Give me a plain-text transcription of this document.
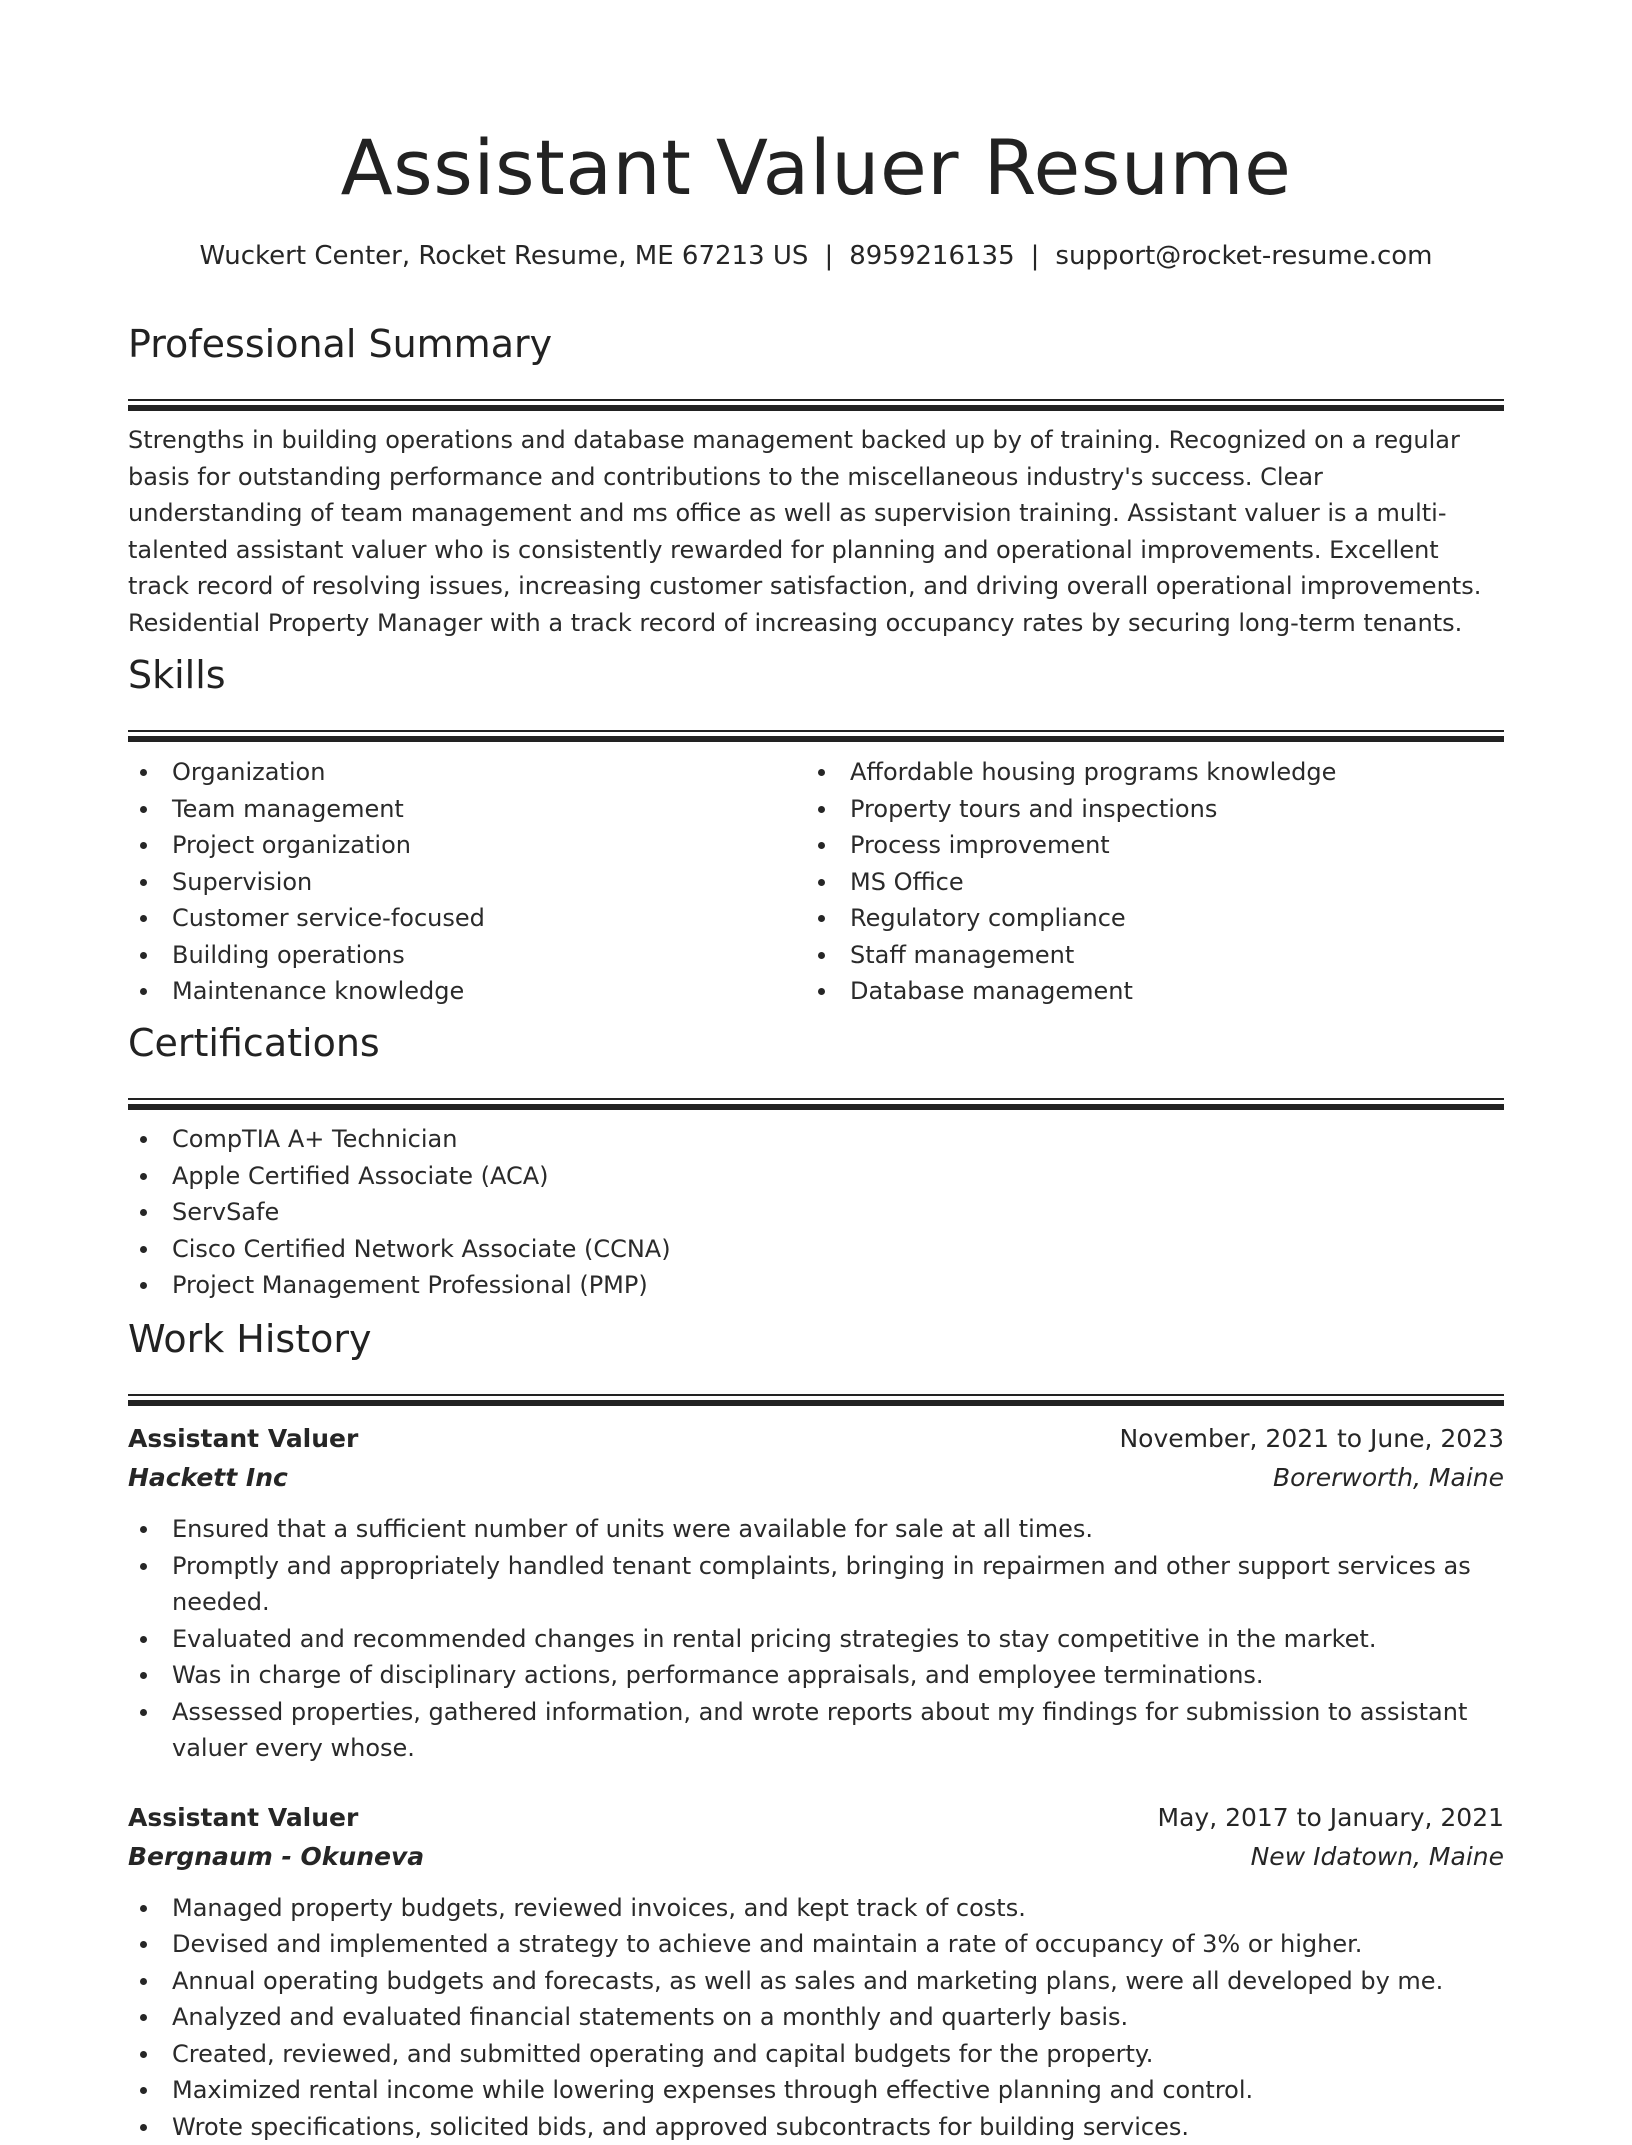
Assistant Valuer Resume
Wuckert Center, Rocket Resume, ME 67213 US | 8959216135 | support@rocket-resume.com
Professional Summary

Strengths in building operations and database management backed up by of training. Recognized on a regular basis for outstanding performance and contributions to the miscellaneous industry's success. Clear understanding of team management and ms office as well as supervision training. Assistant valuer is a multi-talented assistant valuer who is consistently rewarded for planning and operational improvements. Excellent track record of resolving issues, increasing customer satisfaction, and driving overall operational improvements. Residential Property Manager with a track record of increasing occupancy rates by securing long-term tenants.

Skills
Organization
Team management
Project organization
Supervision
Customer service-focused
Building operations
Maintenance knowledge
Affordable housing programs knowledge
Property tours and inspections
Process improvement
MS Office
Regulatory compliance
Staff management
Database management
Certifications
CompTIA A+ Technician
Apple Certified Associate (ACA)
ServSafe
Cisco Certified Network Associate (CCNA)
Project Management Professional (PMP)
Work History
Assistant Valuer	November, 2021 to June, 2023
Hackett Inc	Borerworth, Maine
Ensured that a sufficient number of units were available for sale at all times.
Promptly and appropriately handled tenant complaints, bringing in repairmen and other support services as needed.
Evaluated and recommended changes in rental pricing strategies to stay competitive in the market.
Was in charge of disciplinary actions, performance appraisals, and employee terminations.
Assessed properties, gathered information, and wrote reports about my findings for submission to assistant valuer every whose.
Assistant Valuer	May, 2017 to January, 2021
Bergnaum - Okuneva	New Idatown, Maine
Managed property budgets, reviewed invoices, and kept track of costs.
Devised and implemented a strategy to achieve and maintain a rate of occupancy of 3% or higher.
Annual operating budgets and forecasts, as well as sales and marketing plans, were all developed by me.
Analyzed and evaluated financial statements on a monthly and quarterly basis.
Created, reviewed, and submitted operating and capital budgets for the property.
Maximized rental income while lowering expenses through effective planning and control.
Wrote specifications, solicited bids, and approved subcontracts for building services.
